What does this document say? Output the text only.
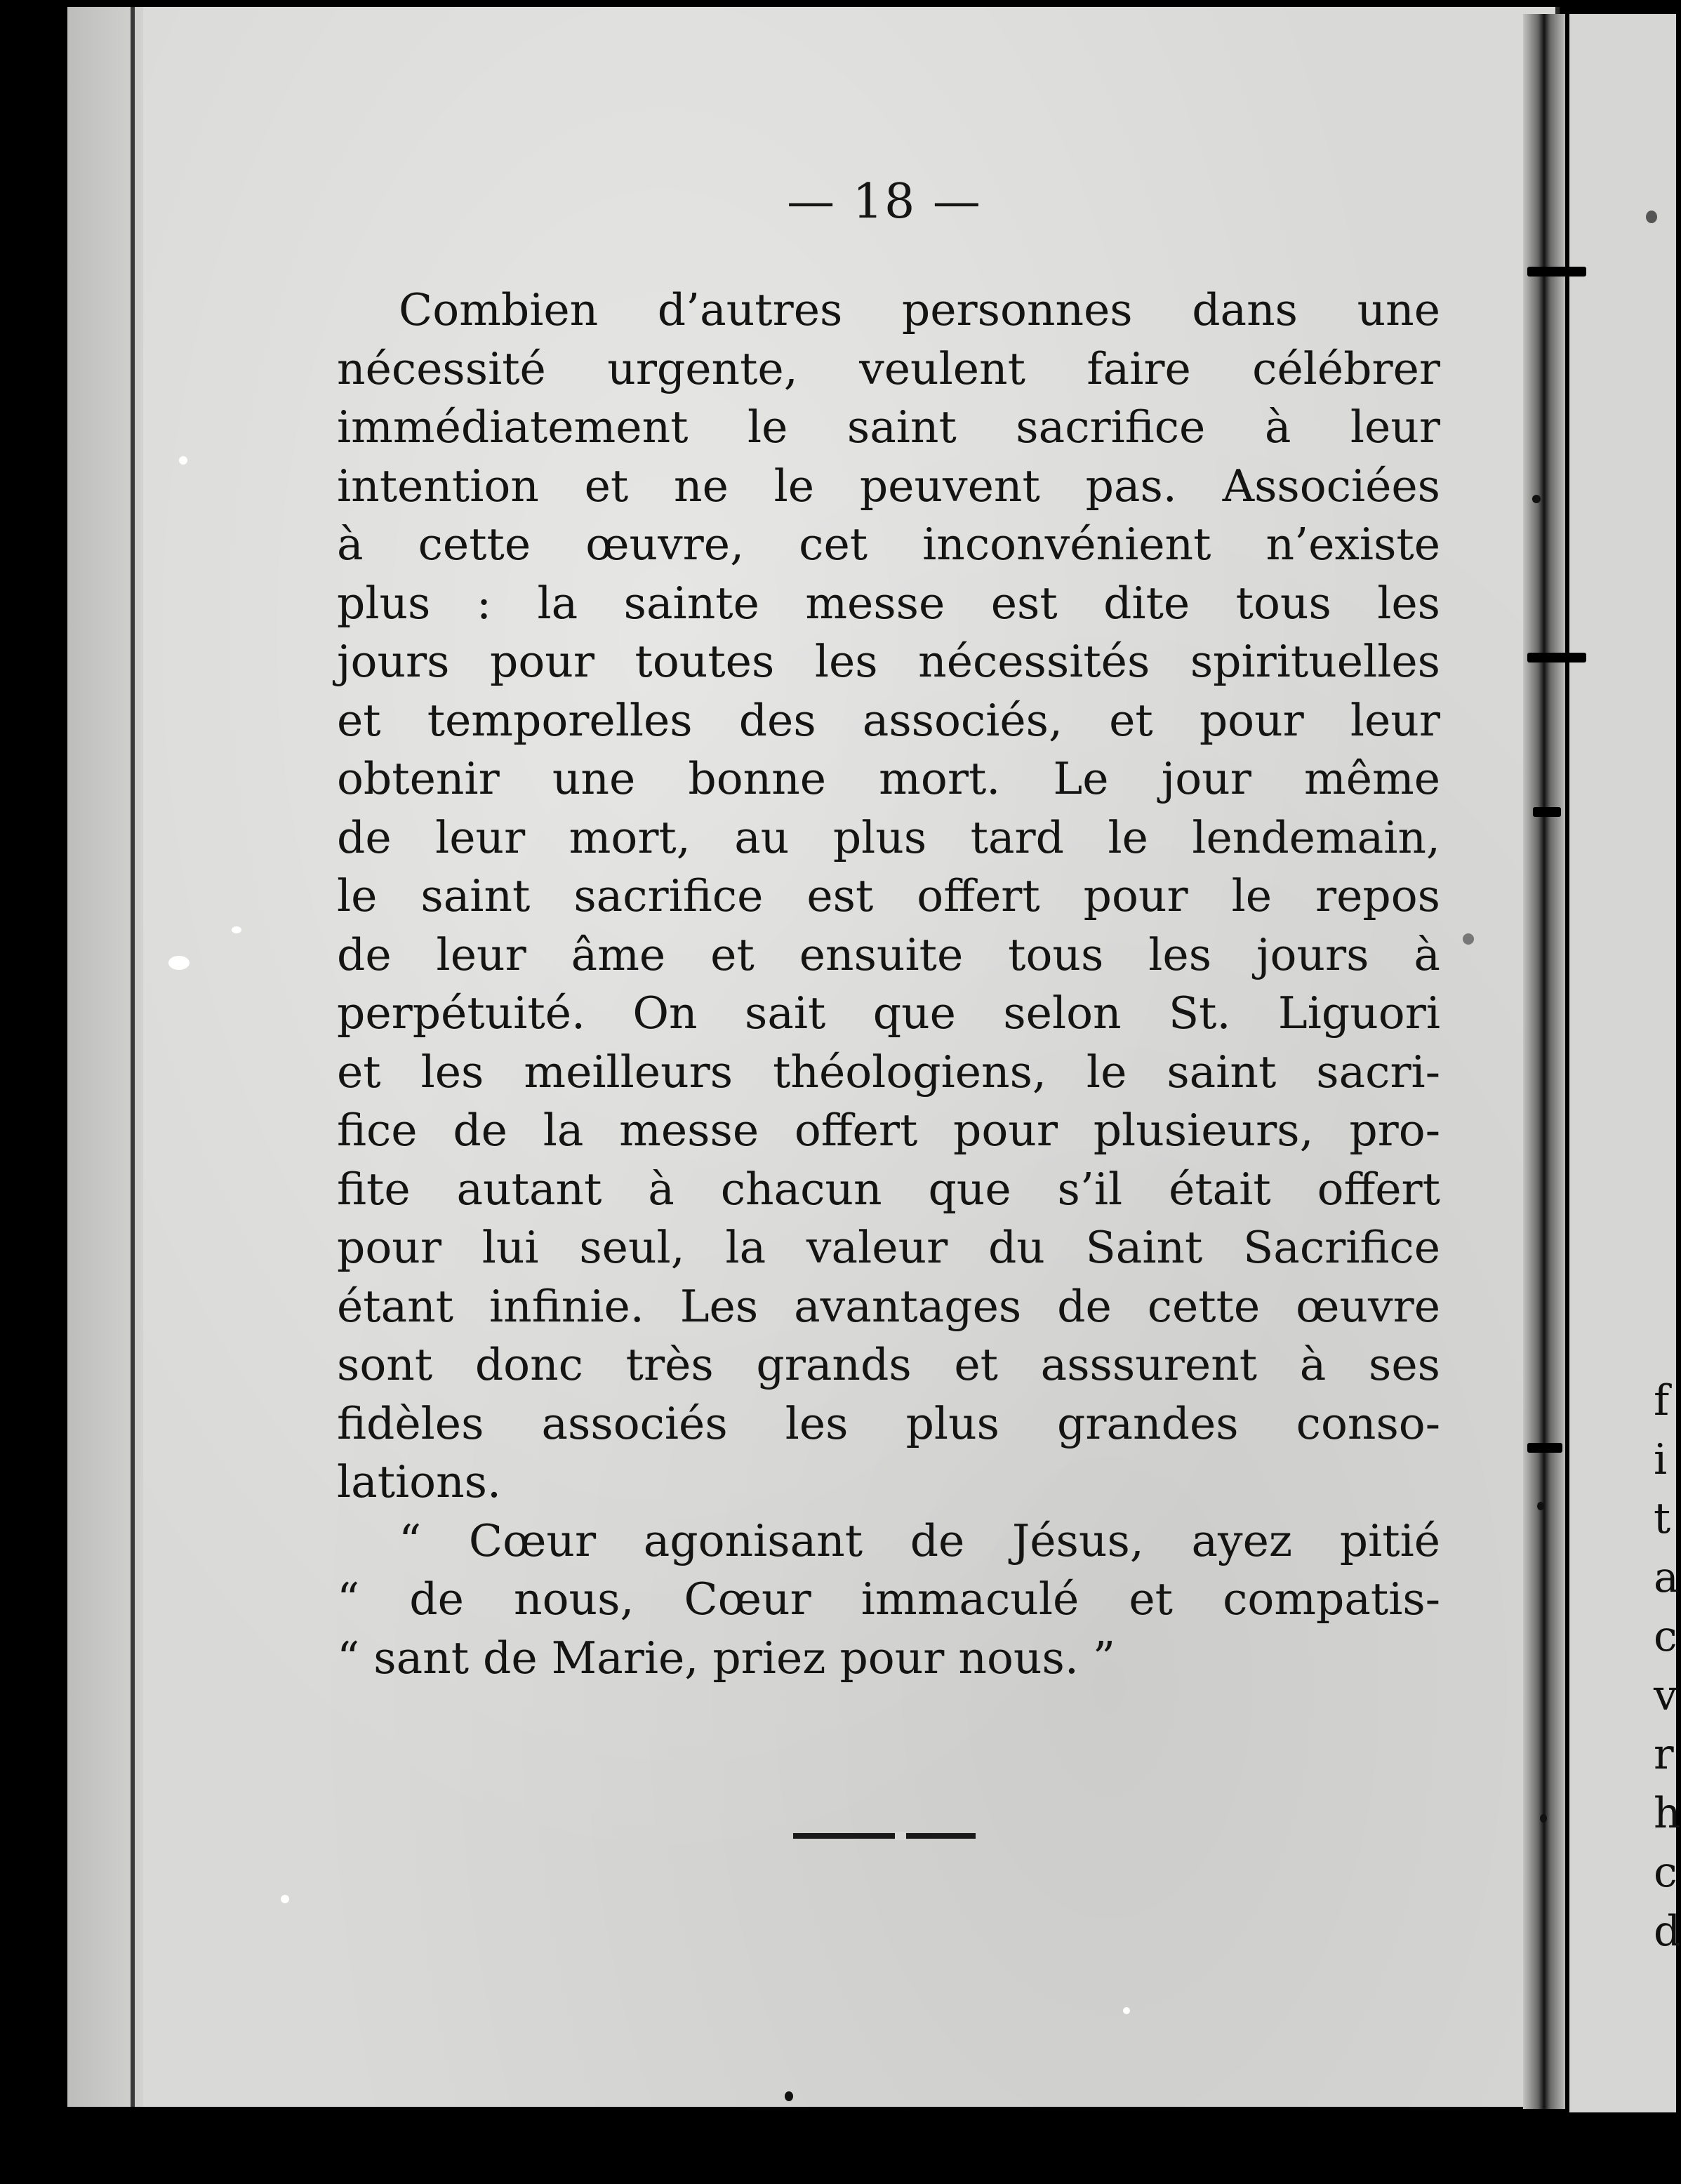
f
i
t
a
c
v
r
h
c
d
— 18 —
Combien d’autres personnes dans une
nécessité urgente, veulent faire célébrer
immédiatement le saint sacrifice à leur
intention et ne le peuvent pas. Associées
à cette œuvre, cet inconvénient n’existe
plus : la sainte messe est dite tous les
jours pour toutes les nécessités spirituelles
et temporelles des associés, et pour leur
obtenir une bonne mort. Le jour même
de leur mort, au plus tard le lendemain,
le saint sacrifice est offert pour le repos
de leur âme et ensuite tous les jours à
perpétuité. On sait que selon St. Liguori
et les meilleurs théologiens, le saint sacri-
fice de la messe offert pour plusieurs, pro-
fite autant à chacun que s’il était offert
pour lui seul, la valeur du Saint Sacrifice
étant infinie. Les avantages de cette œuvre
sont donc très grands et asssurent à ses
fidèles associés les plus grandes conso-
lations.
“ Cœur agonisant de Jésus, ayez pitié
“ de nous, Cœur immaculé et compatis-
“ sant de Marie, priez pour nous. ”
